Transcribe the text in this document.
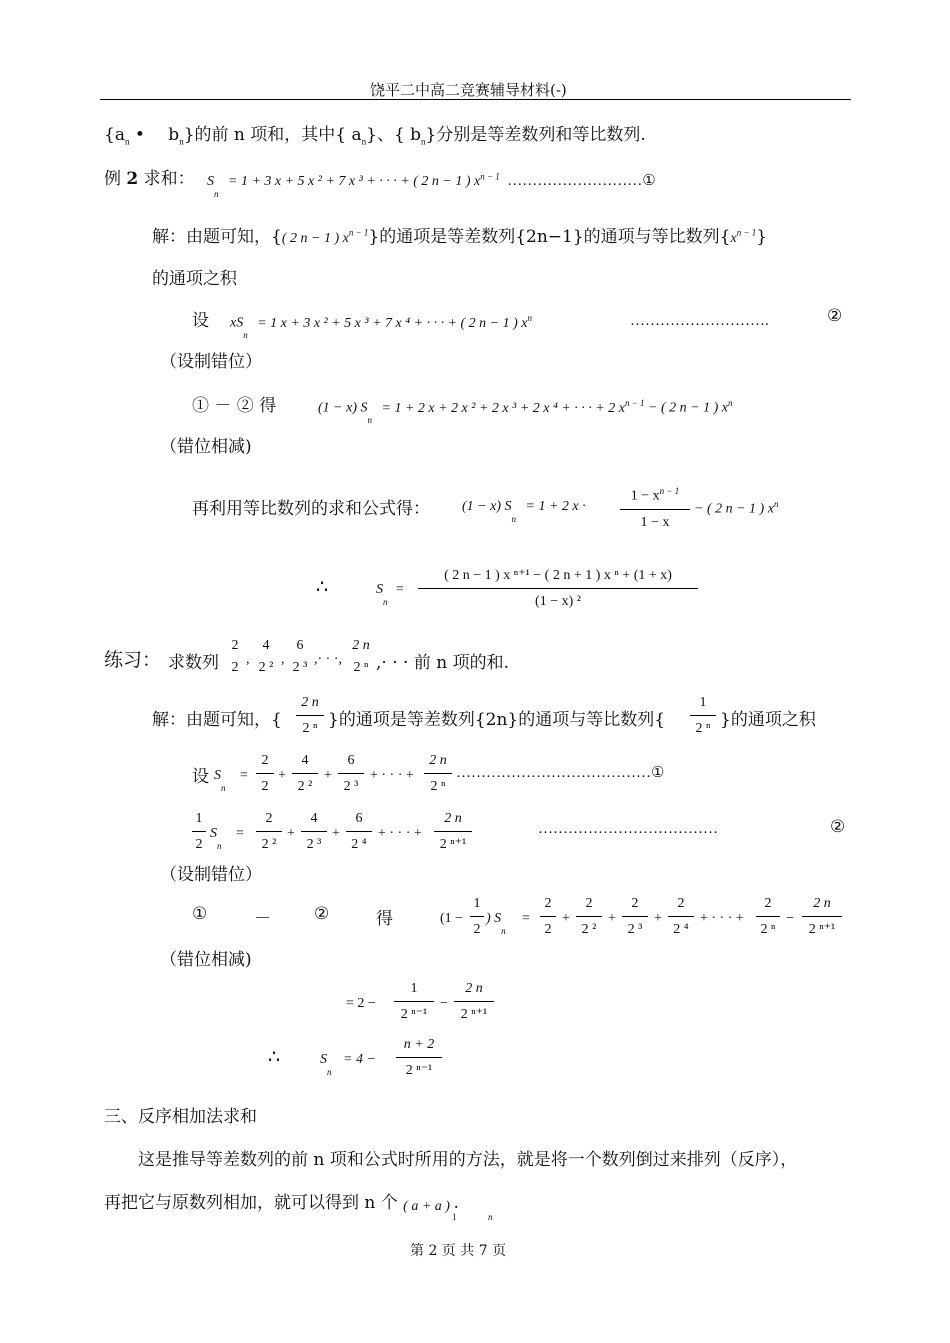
饶平二中高二竞赛辅导材料(-)
{$a_n$ • $b_n$}的前 n 项和，其中{ $a_n$}、{ $b_n$}分别是等差数列和等比数列.
例 2 求和： $S_n = 1 + 3$ x + 5 x ² + 7 x ³ + · · · + ( 2 n − 1 ) $x^{n - 1}$ ………………………①
解：由题可知，{( 2 n − 1 ) $x^{n - 1}$}的通项是等差数列{2n−1}的通项与等比数列$\{x^{n - 1}\}$
的通项之积
设 $xS_n = 1$ x + 3 x ² + 5 x ³ + 7 x ⁴ + · · · + ( 2 n − 1 ) $x^n$	……………………….	②
（设制错位）
① － ② 得	(1 − x) $S_n = 1 + 2$ x + 2 x ² + 2 x ³ + 2 x ⁴ + · · · + 2 $x^{n - 1}$ − ( 2 n − 1 ) $x^n$
（错位相减)
再利用等比数列的求和公式得： (1 − x) $S_n = 1 + 2$ x ·
$1 - x^{n - 1}$
1 − x
− ( 2 n − 1 ) $x^n$
∴	$S_n$ =
( 2 n − 1 ) x ⁿ⁺¹ − ( 2 n + 1 ) x ⁿ + (1 + x)
(1 − x) ²
练习： 求数列
2
2
,
4
2 ²
,
6
2 ³
,· · ·,
2 n
2 ⁿ ,· · · 前 n 项的和.
解：由题可知，{
2 n
2 ⁿ }的通项是等差数列{2n}的通项与等比数列{
1
2 ⁿ }的通项之积
设 $S_n$ =
2
2
+
4
2 ²
+
6
2 ³
+ · · · +
2 n
2 ⁿ
…………………………………①
1
2
$S_n$ =
2
2 ²
+
4
2 ³
+
6
2 ⁴
+ · · · +
2 n
2 ⁿ⁺¹
………………………………	②
（设制错位）
①	－	②	得	(1 −
1
2
) $S_n$ =
2
2
+
2
2 ²
+
2
2 ³
+
2
2 ⁴
+ · · · +
2
2 ⁿ
−
2 n
2 ⁿ⁺¹
（错位相减)
= 2 −
1
2 ⁿ⁻¹
−
2 n
2 ⁿ⁺¹
∴	$S_n = 4$ −
n + 2
2 ⁿ⁻¹
三、反序相加法求和
这是推导等差数列的前 n 项和公式时所用的方法，就是将一个数列倒过来排列（反序），
再把它与原数列相加，就可以得到 n 个 ( a + a ) .
1	n
第 2 页 共 7 页
